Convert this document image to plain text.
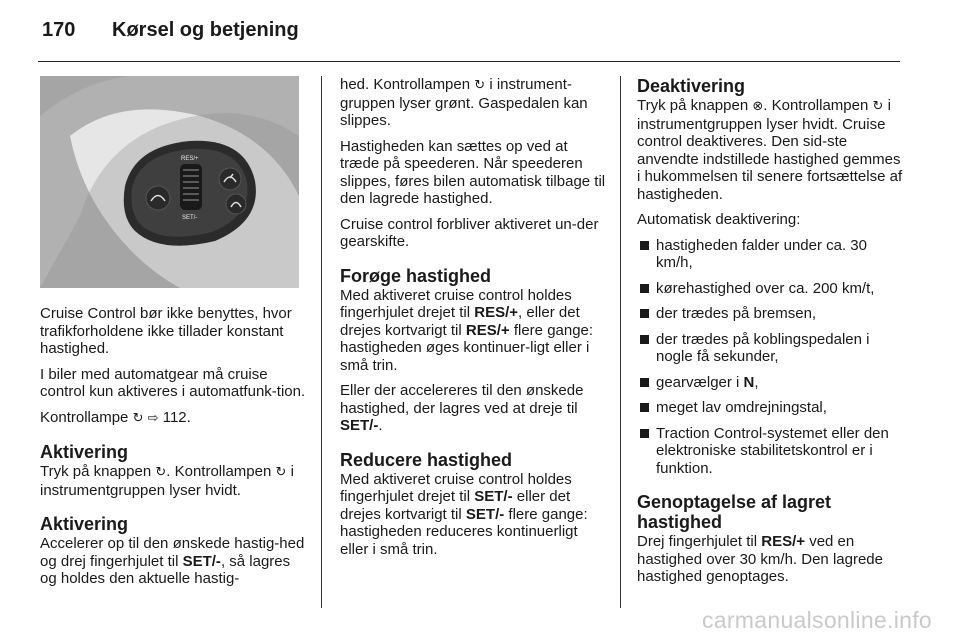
170 Kørsel og betjening
RES/+
SET/-

Cruise Control bør ikke benyttes, hvor trafikforholdene ikke tillader konstant hastighed.

I biler med automatgear må cruise control kun aktiveres i automatfunk-tion.

Kontrollampe ↻ ⇨ 112.

Aktivering

Tryk på knappen ↻. Kontrollampen ↻ i instrumentgruppen lyser hvidt.

Aktivering

Accelerer op til den ønskede hastig-hed og drej fingerhjulet til SET/-, så lagres og holdes den aktuelle hastig-

hed. Kontrollampen ↻ i instrument-gruppen lyser grønt. Gaspedalen kan slippes.

Hastigheden kan sættes op ved at træde på speederen. Når speederen slippes, føres bilen automatisk tilbage til den lagrede hastighed.

Cruise control forbliver aktiveret un-der gearskifte.

Forøge hastighed

Med aktiveret cruise control holdes fingerhjulet drejet til RES/+, eller det drejes kortvarigt til RES/+ flere gange: hastigheden øges kontinuer-ligt eller i små trin.

Eller der accelereres til den ønskede hastighed, der lagres ved at dreje til SET/-.

Reducere hastighed

Med aktiveret cruise control holdes fingerhjulet drejet til SET/- eller det drejes kortvarigt til SET/- flere gange: hastigheden reduceres kontinuerligt eller i små trin.

Deaktivering

Tryk på knappen ⊗. Kontrollampen ↻ i instrumentgruppen lyser hvidt. Cruise control deaktiveres. Den sid-ste anvendte indstillede hastighed gemmes i hukommelsen til senere fortsættelse af hastigheden.

Automatisk deaktivering:

hastigheden falder under ca. 30 km/h,
kørehastighed over ca. 200 km/t,
der trædes på bremsen,
der trædes på koblingspedalen i nogle få sekunder,
gearvælger i N,
meget lav omdrejningstal,
Traction Control-systemet eller den elektroniske stabilitetskontrol er i funktion.
Genoptagelse af lagret hastighed

Drej fingerhjulet til RES/+ ved en hastighed over 30 km/h. Den lagrede hastighed genoptages.

carmanualsonline.info
